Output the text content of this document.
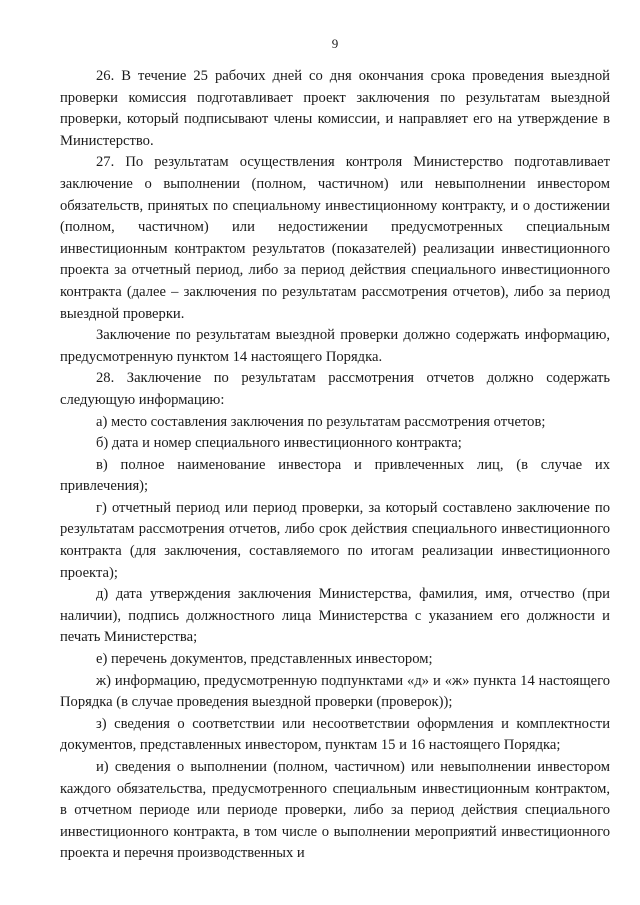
9

26. В течение 25 рабочих дней со дня окончания срока проведения выездной проверки комиссия подготавливает проект заключения по результатам выездной проверки, который подписывают члены комиссии, и направляет его на утверждение в Министерство.

27. По результатам осуществления контроля Министерство подготавливает заключение о выполнении (полном, частичном) или невыполнении инвестором обязательств, принятых по специальному инвестиционному контракту, и о достижении (полном, частичном) или недостижении предусмотренных специальным инвестиционным контрактом результатов (показателей) реализации инвестиционного проекта за отчетный период, либо за период действия специального инвестиционного контракта (далее – заключения по результатам рассмотрения отчетов), либо за период выездной проверки.

Заключение по результатам выездной проверки должно содержать информацию, предусмотренную пунктом 14 настоящего Порядка.

28. Заключение по результатам рассмотрения отчетов должно содержать следующую информацию:

а) место составления заключения по результатам рассмотрения отчетов;

б) дата и номер специального инвестиционного контракта;

в) полное наименование инвестора и привлеченных лиц, (в случае их привлечения);

г) отчетный период или период проверки, за который составлено заключение по результатам рассмотрения отчетов, либо срок действия специального инвестиционного контракта (для заключения, составляемого по итогам реализации инвестиционного проекта);

д) дата утверждения заключения Министерства, фамилия, имя, отчество (при наличии), подпись должностного лица Министерства с указанием его должности и печать Министерства;

е) перечень документов, представленных инвестором;

ж) информацию, предусмотренную подпунктами «д» и «ж» пункта 14 настоящего Порядка (в случае проведения выездной проверки (проверок));

з) сведения о соответствии или несоответствии оформления и комплектности документов, представленных инвестором, пунктам 15 и 16 настоящего Порядка;

и) сведения о выполнении (полном, частичном) или невыполнении инвестором каждого обязательства, предусмотренного специальным инвестиционным контрактом, в отчетном периоде или периоде проверки, либо за период действия специального инвестиционного контракта, в том числе о выполнении мероприятий инвестиционного проекта и перечня производственных и
